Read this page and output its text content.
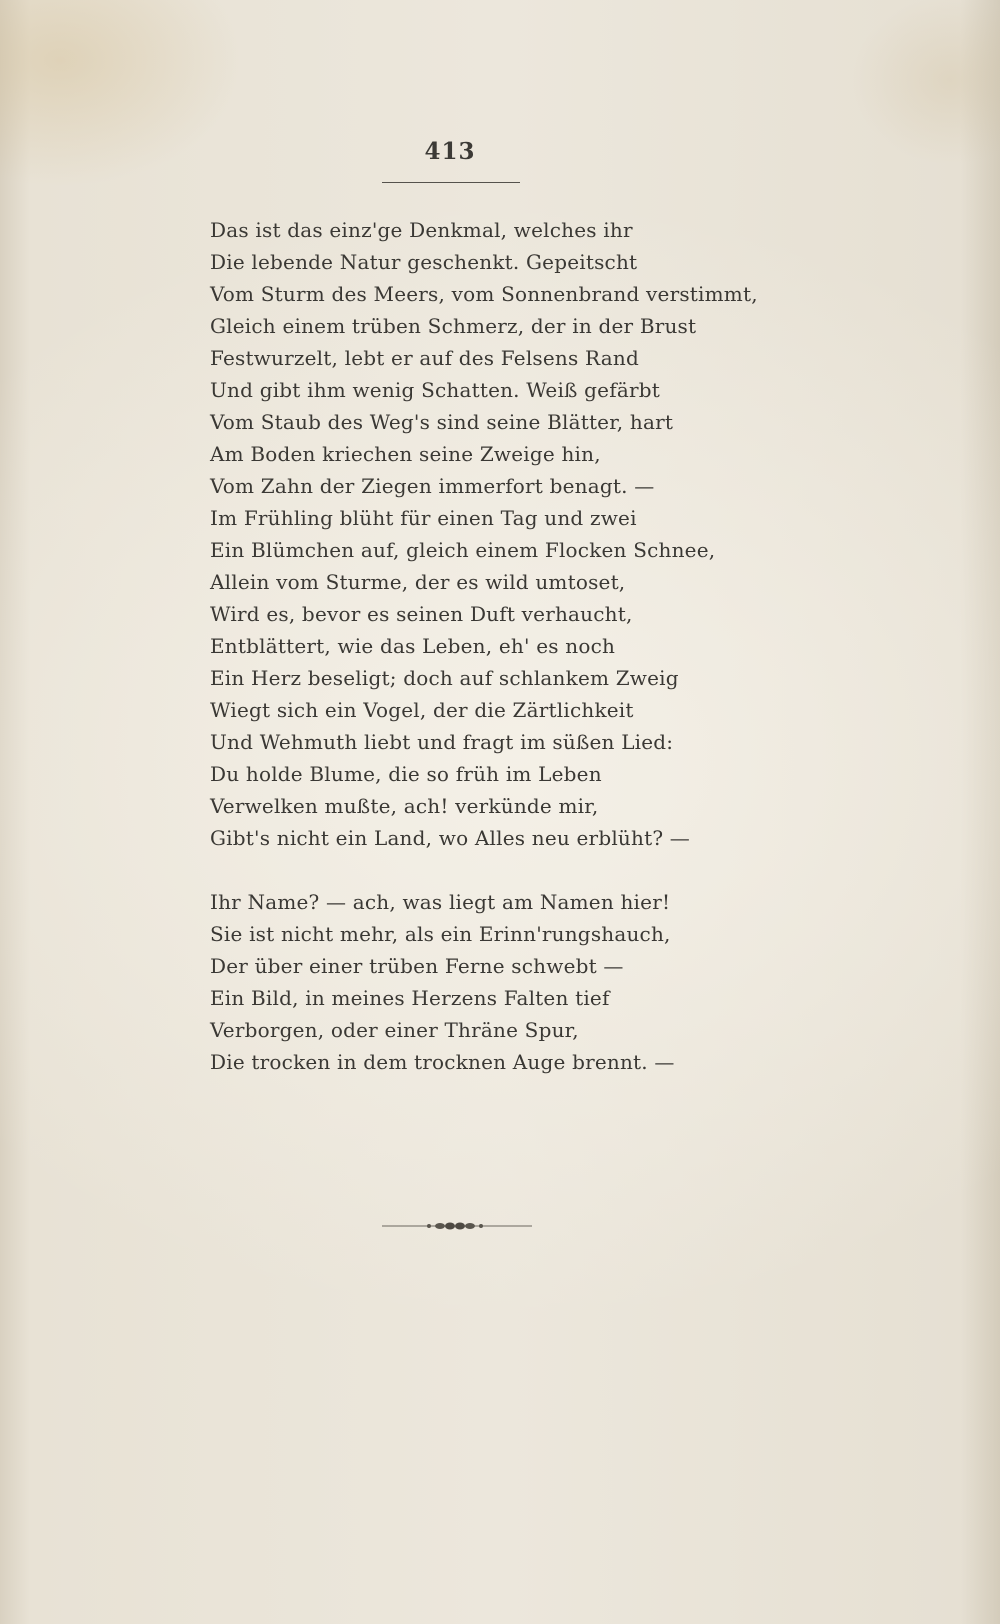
413
Das ist das einz'ge Denkmal, welches ihr
Die lebende Natur geschenkt. Gepeitscht
Vom Sturm des Meers, vom Sonnenbrand verstimmt,
Gleich einem trüben Schmerz, der in der Brust
Festwurzelt, lebt er auf des Felsens Rand
Und gibt ihm wenig Schatten. Weiß gefärbt
Vom Staub des Weg's sind seine Blätter, hart
Am Boden kriechen seine Zweige hin,
Vom Zahn der Ziegen immerfort benagt. —
Im Frühling blüht für einen Tag und zwei
Ein Blümchen auf, gleich einem Flocken Schnee,
Allein vom Sturme, der es wild umtoset,
Wird es, bevor es seinen Duft verhaucht,
Entblättert, wie das Leben, eh' es noch
Ein Herz beseligt; doch auf schlankem Zweig
Wiegt sich ein Vogel, der die Zärtlichkeit
Und Wehmuth liebt und fragt im süßen Lied:
Du holde Blume, die so früh im Leben
Verwelken mußte, ach! verkünde mir,
Gibt's nicht ein Land, wo Alles neu erblüht? —
Ihr Name? — ach, was liegt am Namen hier!
Sie ist nicht mehr, als ein Erinn'rungshauch,
Der über einer trüben Ferne schwebt —
Ein Bild, in meines Herzens Falten tief
Verborgen, oder einer Thräne Spur,
Die trocken in dem trocknen Auge brennt. —
